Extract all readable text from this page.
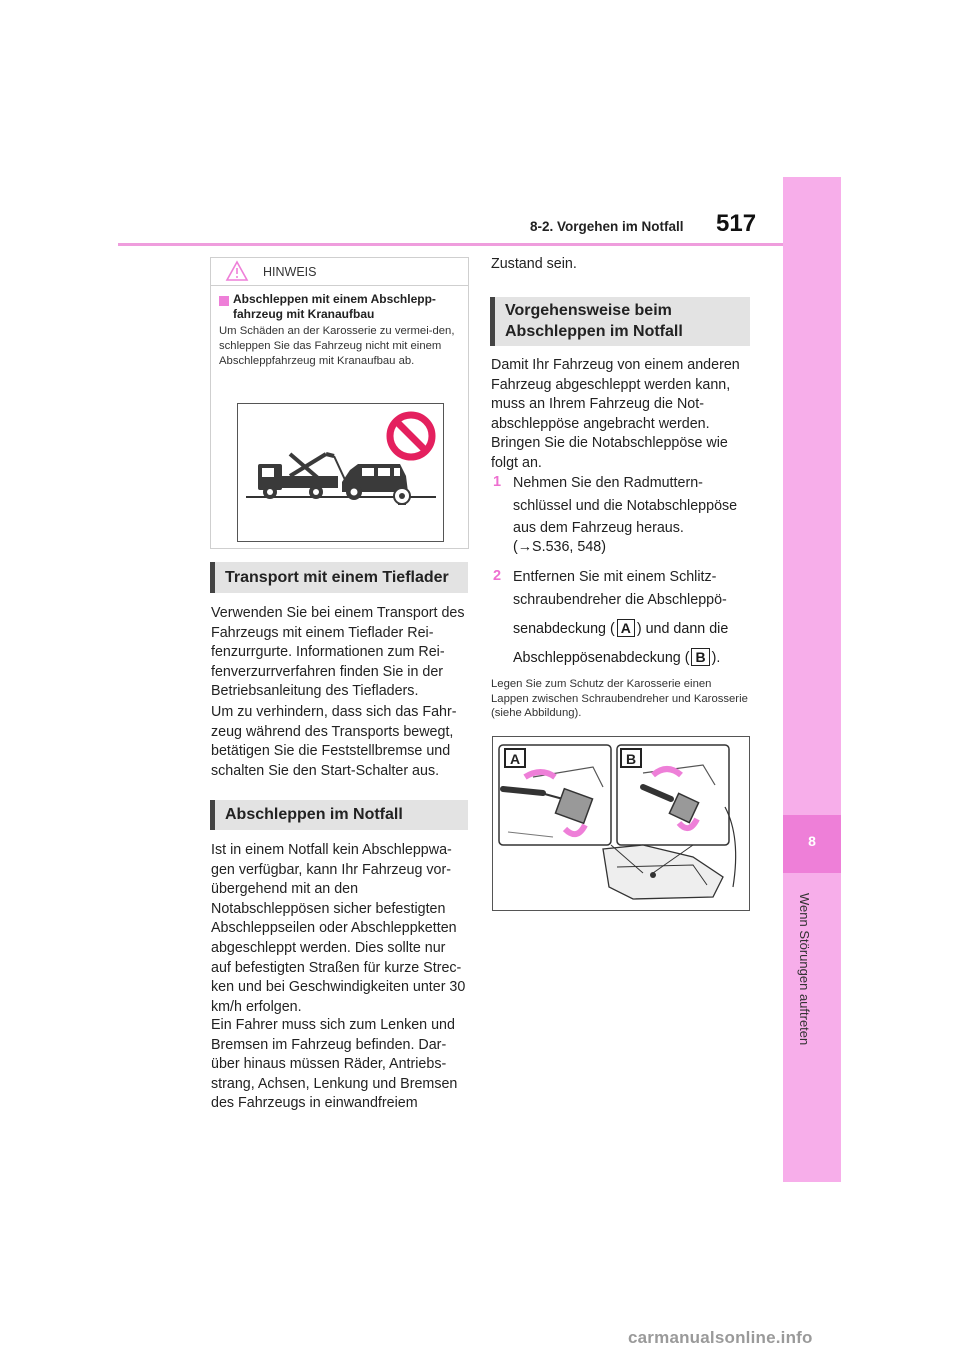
517
8-2. Vorgehen im Notfall
8
Wenn Störungen auftreten
HINWEIS
Abschleppen mit einem Abschlepp-fahrzeug mit Kranaufbau
Um Schäden an der Karosserie zu vermei-den, schleppen Sie das Fahrzeug nicht mit einem Abschleppfahrzeug mit Kranaufbau ab.
Transport mit einem Tieflader
Verwenden Sie bei einem Transport des Fahrzeugs mit einem Tieflader Rei-fenzurrgurte. Informationen zum Rei-fenverzurrverfahren finden Sie in der Betriebsanleitung des Tiefladers.
Um zu verhindern, dass sich das Fahr-zeug während des Transports bewegt, betätigen Sie die Feststellbremse und schalten Sie den Start-Schalter aus.
Abschleppen im Notfall
Ist in einem Notfall kein Abschleppwa-gen verfügbar, kann Ihr Fahrzeug vor-übergehend mit an den Notabschleppösen sicher befestigten Abschleppseilen oder Abschleppketten abgeschleppt werden. Dies sollte nur auf befestigten Straßen für kurze Strec-ken und bei Geschwindigkeiten unter 30 km/h erfolgen.
Ein Fahrer muss sich zum Lenken und Bremsen im Fahrzeug befinden. Dar-über hinaus müssen Räder, Antriebs-strang, Achsen, Lenkung und Bremsen des Fahrzeugs in einwandfreiem
Zustand sein.
Vorgehensweise beim
Abschleppen im Notfall
Damit Ihr Fahrzeug von einem anderen Fahrzeug abgeschleppt werden kann, muss an Ihrem Fahrzeug die Not-abschleppöse angebracht werden. Bringen Sie die Notabschleppöse wie folgt an.
1 Nehmen Sie den Radmuttern-schlüssel und die Notabschleppöse aus dem Fahrzeug heraus.
(→S.536, 548)
2 Entfernen Sie mit einem Schlitz-schraubendreher die Abschleppö-
senabdeckung ( A ) und dann die
Abschleppösenabdeckung ( B ).
Legen Sie zum Schutz der Karosserie einen Lappen zwischen Schraubendreher und Karosserie (siehe Abbildung).
A	B
carmanualsonline.info
